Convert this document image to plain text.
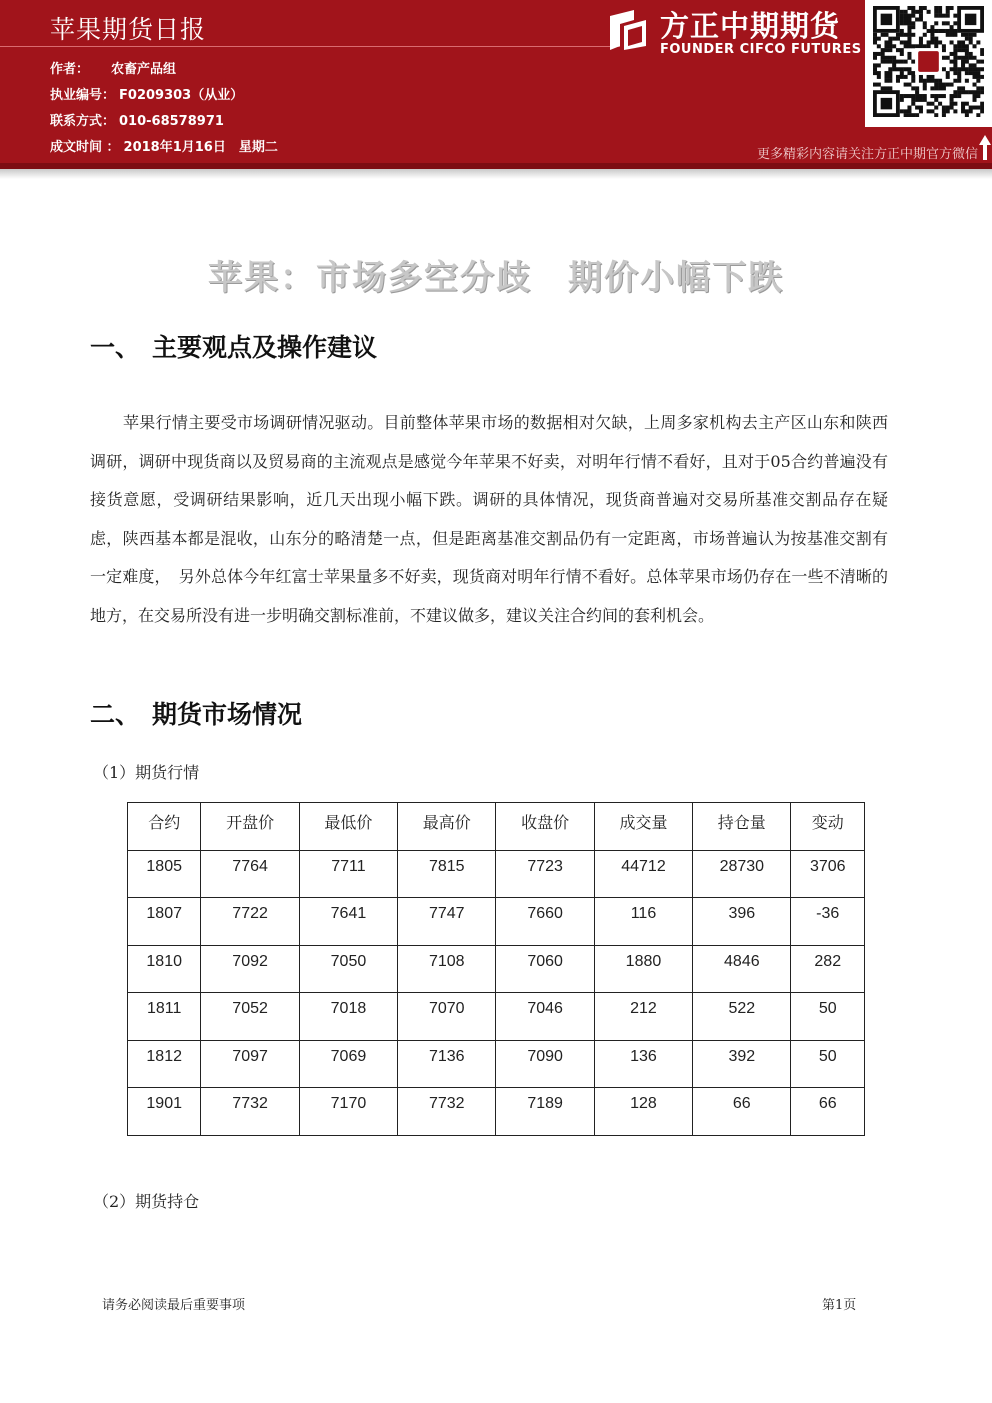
苹果期货日报
作者： 农畜产品组
执业编号： F0209303（从业）
联系方式： 010-68578971
成文时间 ： 2018年1月16日　星期二
方正中期期货
FOUNDER CIFCO FUTURES
更多精彩内容请关注方正中期官方微信
苹果：市场多空分歧　期价小幅下跌
一、 主要观点及操作建议

苹果行情主要受市场调研情况驱动。目前整体苹果市场的数据相对欠缺，上周多家机构去主产区山东和陕西调研，调研中现货商以及贸易商的主流观点是感觉今年苹果不好卖，对明年行情不看好，且对于05合约普遍没有接货意愿，受调研结果影响，近几天出现小幅下跌。调研的具体情况，现货商普遍对交易所基准交割品存在疑虑，陕西基本都是混收，山东分的略清楚一点，但是距离基准交割品仍有一定距离，市场普遍认为按基准交割有一定难度，　另外总体今年红富士苹果量多不好卖，现货商对明年行情不看好。总体苹果市场仍存在一些不清晰的地方，在交易所没有进一步明确交割标准前，不建议做多，建议关注合约间的套利机会。

二、 期货市场情况
（1）期货行情
合约	开盘价	最低价	最高价	收盘价	成交量	持仓量	变动
1805	7764	7711	7815	7723	44712	28730	3706
1807	7722	7641	7747	7660	116	396	-36
1810	7092	7050	7108	7060	1880	4846	282
1811	7052	7018	7070	7046	212	522	50
1812	7097	7069	7136	7090	136	392	50
1901	7732	7170	7732	7189	128	66	66
（2）期货持仓
请务必阅读最后重要事项	第1页
